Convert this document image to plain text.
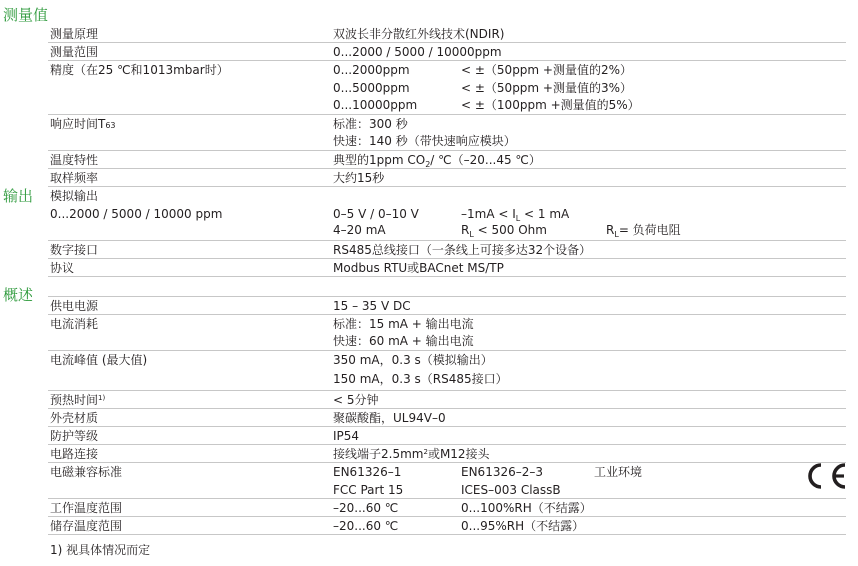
测量值
输出
概述
测量原理	双波长非分散红外线技术(NDIR)
测量范围	0...2000 / 5000 / 10000ppm
精度（在25 ℃和1013mbar时）	0...2000ppm	< ±（50ppm +测量值的2%）
0...5000ppm	< ±（50ppm +测量值的3%）
0...10000ppm	< ±（100ppm +测量值的5%）
响应时间T63	标准：300 秒
快速：140 秒（带快速响应模块）
温度特性	典型的1ppm $CO_2/$ ℃（–20...45 ℃）
取样频率	大约15秒
模拟输出
0...2000 / 5000 / 10000 ppm	0–5 V / 0–10 V	$-1mA < I_L < 1$ mA
4–20 mA	$R_L < 500$ Ohm	$R_L=$ 负荷电阻
数字接口	RS485总线接口（一条线上可接多达32个设备）
协议	Modbus RTU或BACnet MS/TP
供电电源	15 – 35 V DC
电流消耗	标准：15 mA + 输出电流
快速：60 mA + 输出电流
电流峰值 (最大值)	350 mA，0.3 s（模拟输出）
150 mA，0.3 s（RS485接口）
预热时间$^{1)}$	< 5分钟
外壳材质	聚碳酸酯，UL94V–0
防护等级	IP54
电路连接	接线端子$2.5mm^2$或M12接头
电磁兼容标准	EN61326–1	EN61326–2–3	工业环境
FCC Part 15	ICES–003 ClassB
工作温度范围	–20...60 ℃	0...100%RH（不结露）
储存温度范围	–20...60 ℃	0...95%RH（不结露）
1) 视具体情况而定
